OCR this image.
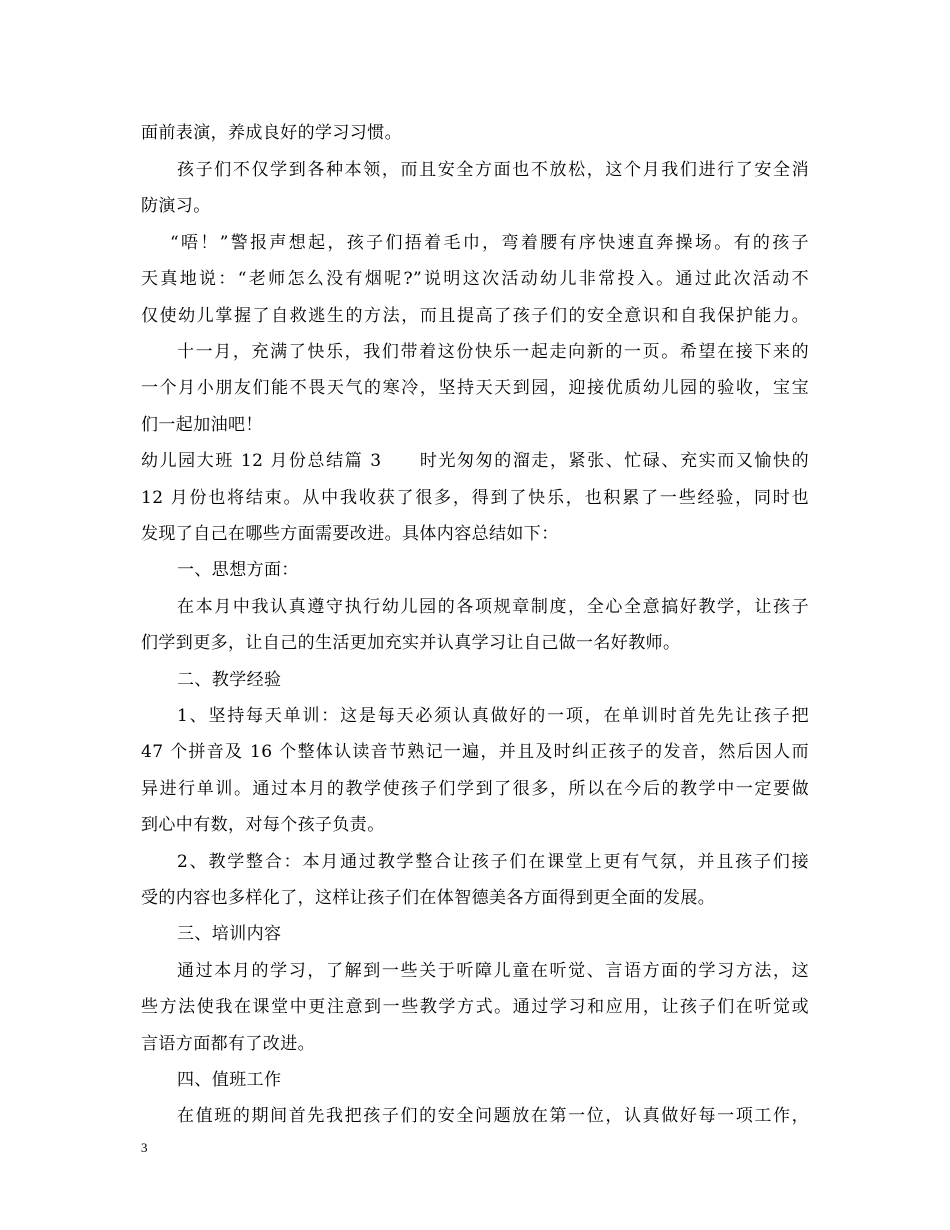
面前表演，养成良好的学习习惯。
孩子们不仅学到各种本领，而且安全方面也不放松，这个月我们进行了安全消
防演习。
“唔！”警报声想起，孩子们捂着毛巾，弯着腰有序快速直奔操场。有的孩子
天真地说：“老师怎么没有烟呢?”说明这次活动幼儿非常投入。通过此次活动不
仅使幼儿掌握了自救逃生的方法，而且提高了孩子们的安全意识和自我保护能力。
十一月，充满了快乐，我们带着这份快乐一起走向新的一页。希望在接下来的
一个月小朋友们能不畏天气的寒冷，坚持天天到园，迎接优质幼儿园的验收，宝宝
们一起加油吧！
幼儿园大班 12 月份总结篇 3　　时光匆匆的溜走，紧张、忙碌、充实而又愉快的
12 月份也将结束。从中我收获了很多，得到了快乐，也积累了一些经验，同时也
发现了自己在哪些方面需要改进。具体内容总结如下：
一、思想方面：
在本月中我认真遵守执行幼儿园的各项规章制度，全心全意搞好教学，让孩子
们学到更多，让自己的生活更加充实并认真学习让自己做一名好教师。
二、教学经验
1、坚持每天单训：这是每天必须认真做好的一项，在单训时首先先让孩子把
47 个拼音及 16 个整体认读音节熟记一遍，并且及时纠正孩子的发音，然后因人而
异进行单训。通过本月的教学使孩子们学到了很多，所以在今后的教学中一定要做
到心中有数，对每个孩子负责。
2、教学整合：本月通过教学整合让孩子们在课堂上更有气氛，并且孩子们接
受的内容也多样化了，这样让孩子们在体智德美各方面得到更全面的发展。
三、培训内容
通过本月的学习，了解到一些关于听障儿童在听觉、言语方面的学习方法，这
些方法使我在课堂中更注意到一些教学方式。通过学习和应用，让孩子们在听觉或
言语方面都有了改进。
四、值班工作
在值班的期间首先我把孩子们的安全问题放在第一位，认真做好每一项工作，
3
